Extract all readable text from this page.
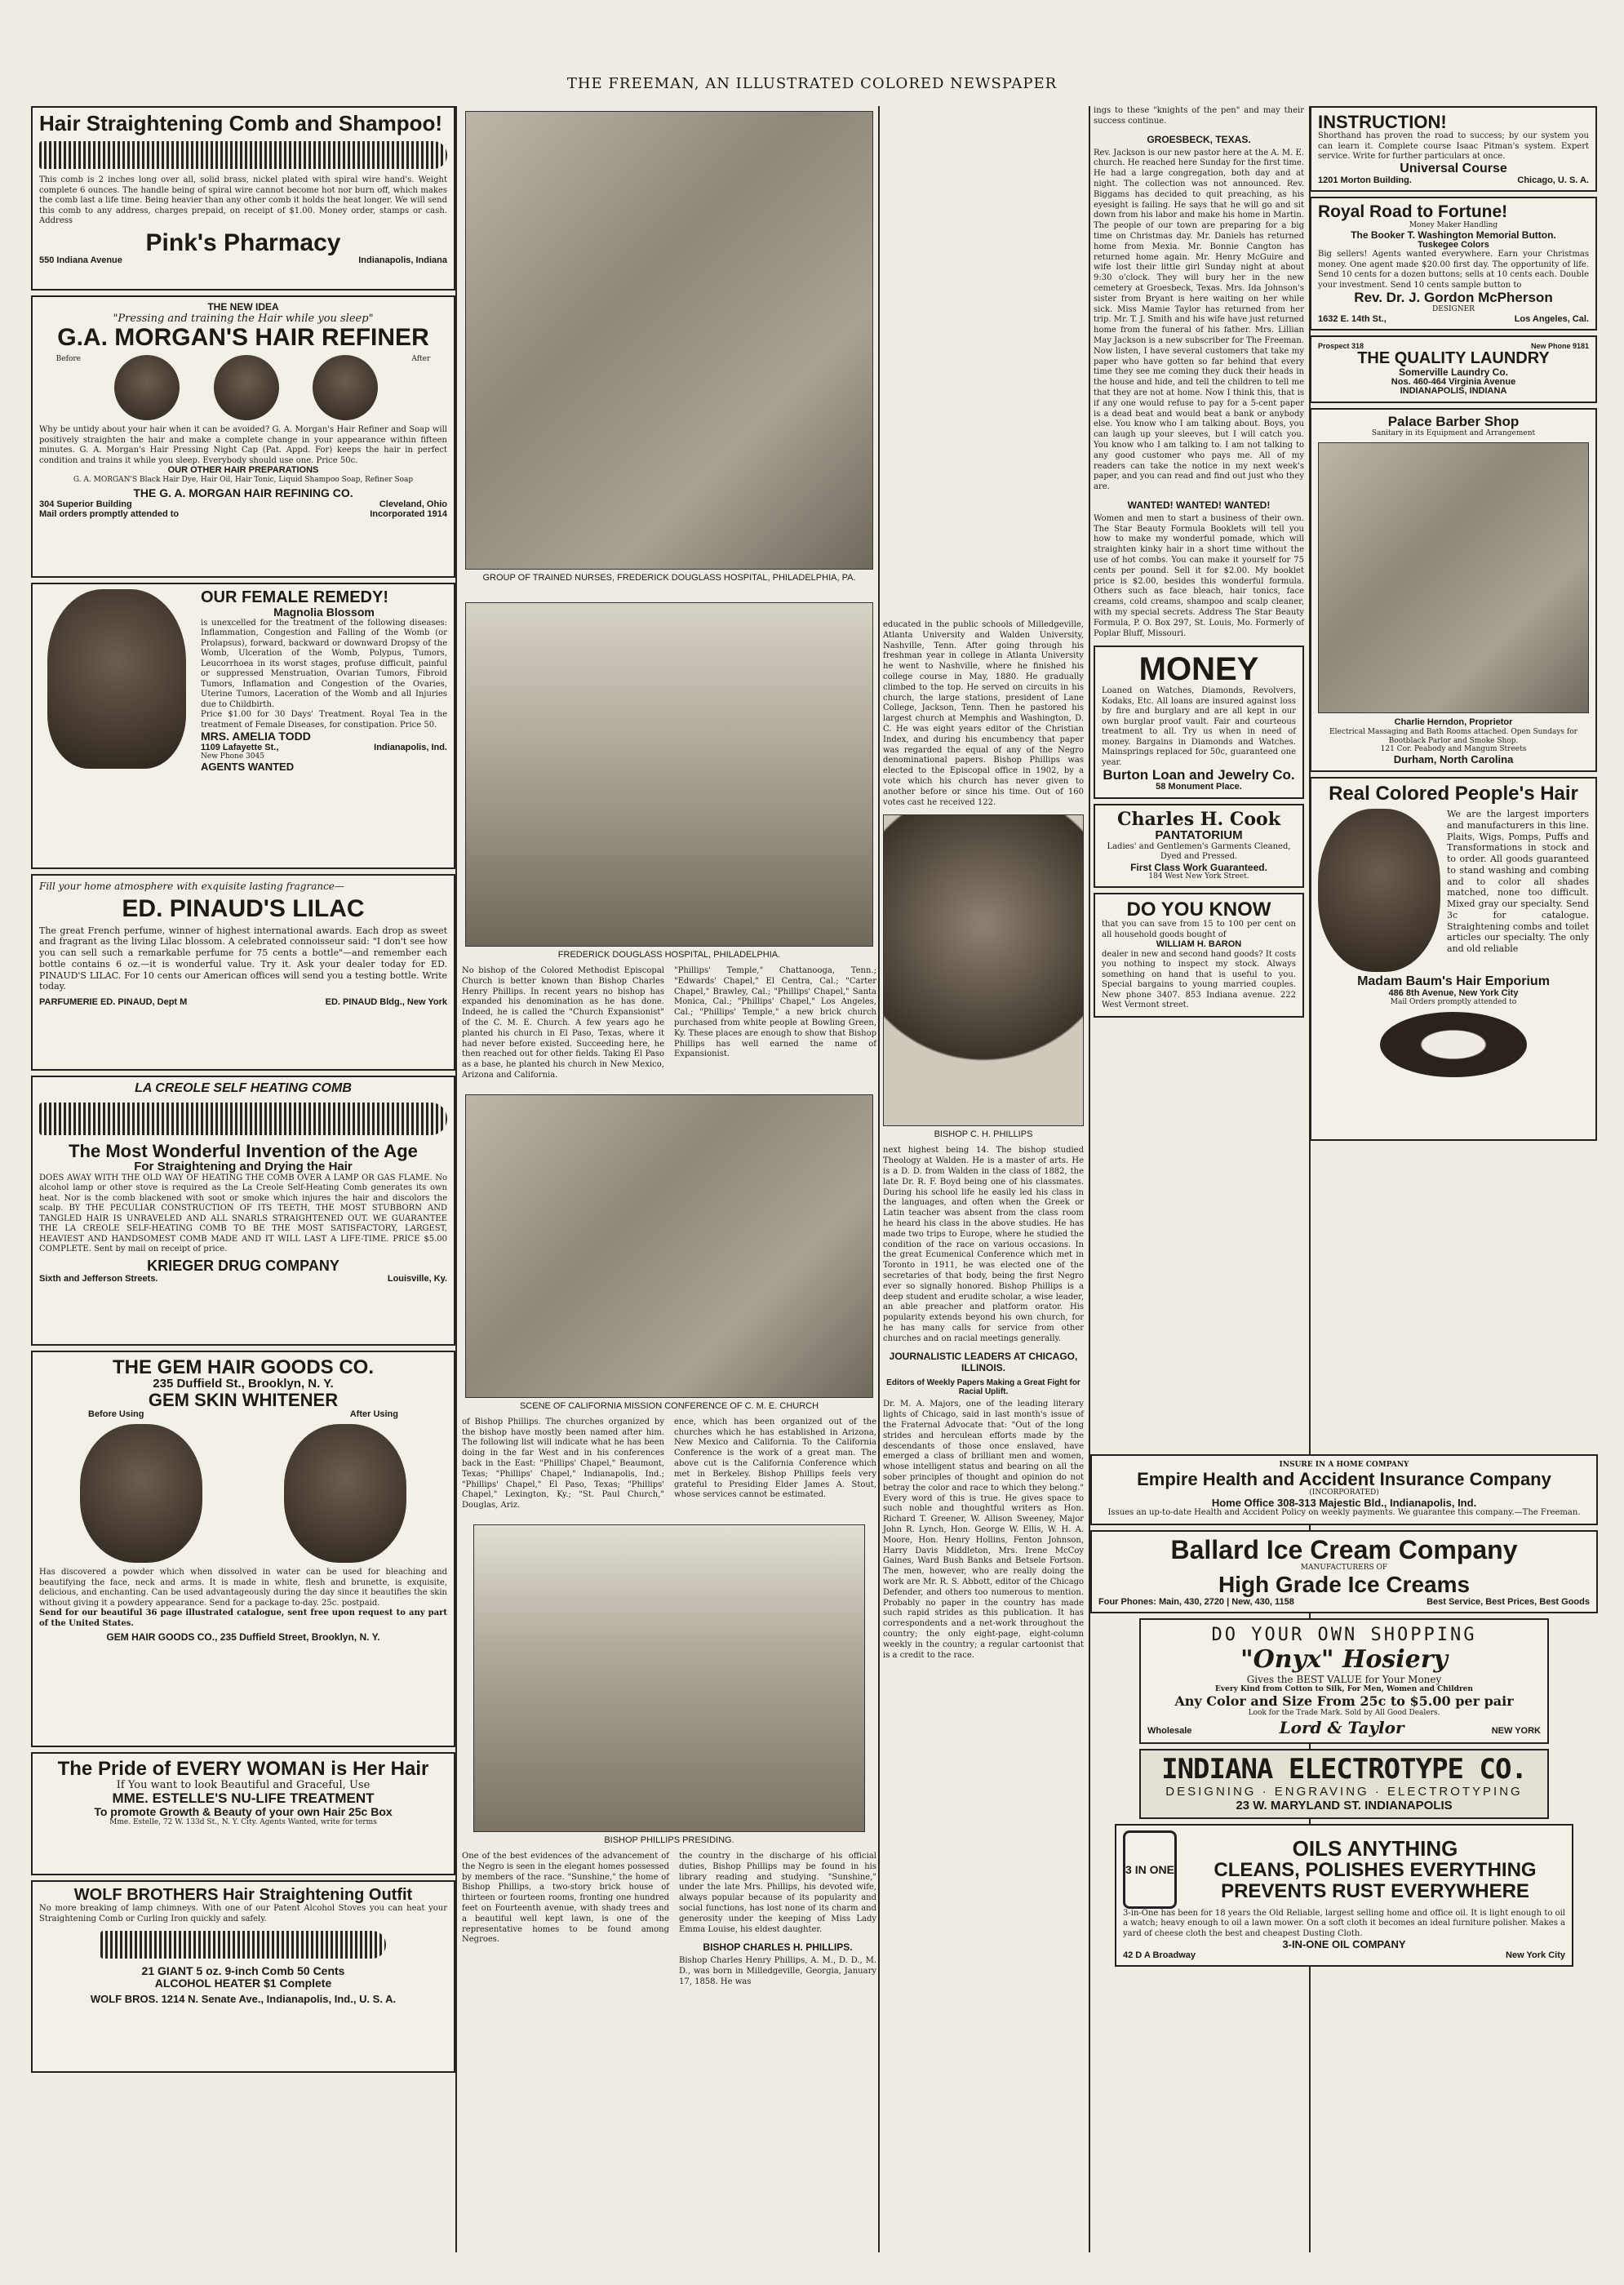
THE FREEMAN, AN ILLUSTRATED COLORED NEWSPAPER
Hair Straightening Comb and Shampoo!
This comb is 2 inches long over all, solid brass, nickel plated with spiral wire hand's. Weight complete 6 ounces. The handle being of spiral wire cannot become hot nor burn off, which makes the comb last a life time. Being heavier than any other comb it holds the heat longer. We will send this comb to any address, charges prepaid, on receipt of $1.00. Money order, stamps or cash. Address
Pink's Pharmacy
550 Indiana Avenue	Indianapolis, Indiana
THE NEW IDEA
"Pressing and training the Hair while you sleep"
G.A. MORGAN'S HAIR REFINER
Before	After
Why be untidy about your hair when it can be avoided? G. A. Morgan's Hair Refiner and Soap will positively straighten the hair and make a complete change in your appearance within fifteen minutes. G. A. Morgan's Hair Pressing Night Cap (Pat. Appd. For) keeps the hair in perfect condition and trains it while you sleep. Everybody should use one. Price 50c.
OUR OTHER HAIR PREPARATIONS
G. A. MORGAN'S Black Hair Dye, Hair Oil, Hair Tonic, Liquid Shampoo Soap, Refiner Soap
THE G. A. MORGAN HAIR REFINING CO.
304 Superior Building	Cleveland, Ohio
Mail orders promptly attended to	Incorporated 1914
OUR FEMALE REMEDY!
Magnolia Blossom
is unexcelled for the treatment of the following diseases: Inflammation, Congestion and Falling of the Womb (or Prolapsus), forward, backward or downward Dropsy of the Womb, Ulceration of the Womb, Polypus, Tumors, Leucorrhoea in its worst stages, profuse difficult, painful or suppressed Menstruation, Ovarian Tumors, Fibroid Tumors, Inflamation and Congestion of the Ovaries, Uterine Tumors, Laceration of the Womb and all Injuries due to Childbirth.
Price $1.00 for 30 Days' Treatment. Royal Tea in the treatment of Female Diseases, for constipation. Price 50.
MRS. AMELIA TODD
1109 Lafayette St.,	Indianapolis, Ind.
New Phone 3045
AGENTS WANTED
Fill your home atmosphere with exquisite lasting fragrance—
ED. PINAUD'S LILAC
The great French perfume, winner of highest international awards. Each drop as sweet and fragrant as the living Lilac blossom. A celebrated connoisseur said: "I don't see how you can sell such a remarkable perfume for 75 cents a bottle"—and remember each bottle contains 6 oz.—it is wonderful value. Try it. Ask your dealer today for ED. PINAUD'S LILAC. For 10 cents our American offices will send you a testing bottle. Write today.
PARFUMERIE ED. PINAUD, Dept M	ED. PINAUD Bldg., New York
LA CREOLE SELF HEATING COMB
The Most Wonderful Invention of the Age
For Straightening and Drying the Hair
DOES AWAY WITH THE OLD WAY OF HEATING THE COMB OVER A LAMP OR GAS FLAME. No alcohol lamp or other stove is required as the La Creole Self-Heating Comb generates its own heat. Nor is the comb blackened with soot or smoke which injures the hair and discolors the scalp. BY THE PECULIAR CONSTRUCTION OF ITS TEETH, THE MOST STUBBORN AND TANGLED HAIR IS UNRAVELED AND ALL SNARLS STRAIGHTENED OUT. WE GUARANTEE THE LA CREOLE SELF-HEATING COMB TO BE THE MOST SATISFACTORY, LARGEST, HEAVIEST AND HANDSOMEST COMB MADE AND IT WILL LAST A LIFE-TIME. PRICE $5.00 COMPLETE. Sent by mail on receipt of price.
KRIEGER DRUG COMPANY
Sixth and Jefferson Streets.	Louisville, Ky.
THE GEM HAIR GOODS CO.
235 Duffield St., Brooklyn, N. Y.
GEM SKIN WHITENER
Before Using	After Using
Has discovered a powder which when dissolved in water can be used for bleaching and beautifying the face, neck and arms. It is made in white, flesh and brunette, is exquisite, delicious, and enchanting. Can be used advantageously during the day since it beautifies the skin without giving it a powdery appearance. Send for a package to-day. 25c. postpaid.
Send for our beautiful 36 page illustrated catalogue, sent free upon request to any part of the United States.
GEM HAIR GOODS CO., 235 Duffield Street, Brooklyn, N. Y.
The Pride of EVERY WOMAN is Her Hair
If You want to look Beautiful and Graceful, Use
MME. ESTELLE'S NU-LIFE TREATMENT
To promote Growth & Beauty of your own Hair 25c Box
Mme. Estelle, 72 W. 133d St., N. Y. City. Agents Wanted, write for terms
WOLF BROTHERS Hair Straightening Outfit
No more breaking of lamp chimneys. With one of our Patent Alcohol Stoves you can heat your Straightening Comb or Curling Iron quickly and safely.
21 GIANT 5 oz. 9-inch Comb 50 Cents
ALCOHOL HEATER $1 Complete
WOLF BROS. 1214 N. Senate Ave., Indianapolis, Ind., U. S. A.
GROUP OF TRAINED NURSES, FREDERICK DOUGLASS HOSPITAL, PHILADELPHIA, PA.
FREDERICK DOUGLASS HOSPITAL, PHILADELPHIA.
No bishop of the Colored Methodist Episcopal Church is better known than Bishop Charles Henry Phillips. In recent years no bishop has expanded his denomination as he has done. Indeed, he is called the "Church Expansionist" of the C. M. E. Church. A few years ago he planted his church in El Paso, Texas, where it had never before existed. Succeeding here, he then reached out for other fields. Taking El Paso as a base, he planted his church in New Mexico, Arizona and California.
"Phillips' Temple," Chattanooga, Tenn.; "Edwards' Chapel," El Centra, Cal.; "Carter Chapel," Brawley, Cal.; "Phillips' Chapel," Santa Monica, Cal.; "Phillips' Chapel," Los Angeles, Cal.; "Phillips' Temple," a new brick church purchased from white people at Bowling Green, Ky. These places are enough to show that Bishop Phillips has well earned the name of Expansionist.
SCENE OF CALIFORNIA MISSION CONFERENCE OF C. M. E. CHURCH
of Bishop Phillips. The churches organized by the bishop have mostly been named after him. The following list will indicate what he has been doing in the far West and in his conferences back in the East: "Phillips' Chapel," Beaumont, Texas; "Phillips' Chapel," Indianapolis, Ind.; "Phillips' Chapel," El Paso, Texas; "Phillips' Chapel," Lexington, Ky.; "St. Paul Church," Douglas, Ariz.
ence, which has been organized out of the churches which he has established in Arizona, New Mexico and California. To the California Conference is the work of a great man. The above cut is the California Conference which met in Berkeley. Bishop Phillips feels very grateful to Presiding Elder James A. Stout, whose services cannot be estimated.
BISHOP PHILLIPS PRESIDING.
One of the best evidences of the advancement of the Negro is seen in the elegant homes possessed by members of the race. "Sunshine," the home of Bishop Phillips, a two-story brick house of thirteen or fourteen rooms, fronting one hundred feet on Fourteenth avenue, with shady trees and a beautiful well kept lawn, is one of the representative homes to be found among Negroes.
the country in the discharge of his official duties, Bishop Phillips may be found in his library reading and studying. "Sunshine," under the late Mrs. Phillips, his devoted wife, always popular because of its popularity and social functions, has lost none of its charm and generosity under the keeping of Miss Lady Emma Louise, his eldest daughter.
BISHOP CHARLES H. PHILLIPS.
Bishop Charles Henry Phillips, A. M., D. D., M. D., was born in Milledgeville, Georgia, January 17, 1858. He was
educated in the public schools of Milledgeville, Atlanta University and Walden University, Nashville, Tenn. After going through his freshman year in college in Atlanta University he went to Nashville, where he finished his college course in May, 1880. He gradually climbed to the top. He served on circuits in his church, the large stations, president of Lane College, Jackson, Tenn. Then he pastored his largest church at Memphis and Washington, D. C. He was eight years editor of the Christian Index, and during his encumbency that paper was regarded the equal of any of the Negro denominational papers. Bishop Phillips was elected to the Episcopal office in 1902, by a vote which his church has never given to another before or since his time. Out of 160 votes cast he received 122.
BISHOP C. H. PHILLIPS
next highest being 14. The bishop studied Theology at Walden. He is a master of arts. He is a D. D. from Walden in the class of 1882, the late Dr. R. F. Boyd being one of his classmates. During his school life he easily led his class in the languages, and often when the Greek or Latin teacher was absent from the class room he heard his class in the above studies. He has made two trips to Europe, where he studied the condition of the race on various occasions. In the great Ecumenical Conference which met in Toronto in 1911, he was elected one of the secretaries of that body, being the first Negro ever so signally honored. Bishop Phillips is a deep student and erudite scholar, a wise leader, an able preacher and platform orator. His popularity extends beyond his own church, for he has many calls for service from other churches and on racial meetings generally.
JOURNALISTIC LEADERS AT CHICAGO, ILLINOIS.
Editors of Weekly Papers Making a Great Fight for Racial Uplift.
Dr. M. A. Majors, one of the leading literary lights of Chicago, said in last month's issue of the Fraternal Advocate that: "Out of the long strides and herculean efforts made by the descendants of those once enslaved, have emerged a class of brilliant men and women, whose intelligent status and bearing on all the sober principles of thought and opinion do not betray the color and race to which they belong." Every word of this is true. He gives space to such noble and thoughtful writers as Hon. Richard T. Greener, W. Allison Sweeney, Major John R. Lynch, Hon. George W. Ellis, W. H. A. Moore, Hon. Henry Hollins, Fenton Johnson, Harry Davis Middleton, Mrs. Irene McCoy Gaines, Ward Bush Banks and Betsele Fortson. The men, however, who are really doing the work are Mr. R. S. Abbott, editor of the Chicago Defender, and others too numerous to mention. Probably no paper in the country has made such rapid strides as this publication. It has correspondents and a net-work throughout the country; the only eight-page, eight-column weekly in the country; a regular cartoonist that is a credit to the race.
ings to these "knights of the pen" and may their success continue.
GROESBECK, TEXAS.
Rev. Jackson is our new pastor here at the A. M. E. church. He reached here Sunday for the first time. He had a large congregation, both day and at night. The collection was not announced. Rev. Biggams has decided to quit preaching, as his eyesight is failing. He says that he will go and sit down from his labor and make his home in Martin. The people of our town are preparing for a big time on Christmas day. Mr. Daniels has returned home from Mexia. Mr. Bonnie Cangton has returned home again. Mr. Henry McGuire and wife lost their little girl Sunday night at about 9:30 o'clock. They will bury her in the new cemetery at Groesbeck, Texas. Mrs. Ida Johnson's sister from Bryant is here waiting on her while sick. Miss Mamie Taylor has returned from her trip. Mr. T. J. Smith and his wife have just returned home from the funeral of his father. Mrs. Lillian May Jackson is a new subscriber for The Freeman. Now listen, I have several customers that take my paper who have gotten so far behind that every time they see me coming they duck their heads in the house and hide, and tell the children to tell me that they are not at home. Now I think this, that is if any one would refuse to pay for a 5-cent paper is a dead beat and would beat a bank or anybody else. You know who I am talking about. Boys, you can laugh up your sleeves, but I will catch you. You know who I am talking to. I am not talking to any good customer who pays me. All of my readers can take the notice in my next week's paper, and you can read and find out just who they are.
WANTED! WANTED! WANTED!
Women and men to start a business of their own. The Star Beauty Formula Booklets will tell you how to make my wonderful pomade, which will straighten kinky hair in a short time without the use of hot combs. You can make it yourself for 75 cents per pound. Sell it for $2.00. My booklet price is $2.00, besides this wonderful formula. Others such as face bleach, hair tonics, face creams, cold creams, shampoo and scalp cleaner, with my special secrets. Address The Star Beauty Formula, P. O. Box 297, St. Louis, Mo. Formerly of Poplar Bluff, Missouri.
MONEY
Loaned on Watches, Diamonds, Revolvers, Kodaks, Etc. All loans are insured against loss by fire and burglary and are all kept in our own burglar proof vault. Fair and courteous treatment to all. Try us when in need of money. Bargains in Diamonds and Watches. Mainsprings replaced for 50c, guaranteed one year.
Burton Loan and Jewelry Co.
58 Monument Place.
Charles H. Cook
PANTATORIUM
Ladies' and Gentlemen's Garments Cleaned, Dyed and Pressed.
First Class Work Guaranteed.
184 West New York Street.
DO YOU KNOW
that you can save from 15 to 100 per cent on all household goods bought of
WILLIAM H. BARON
dealer in new and second hand goods? It costs you nothing to inspect my stock. Always something on hand that is useful to you. Special bargains to young married couples. New phone 3407. 853 Indiana avenue. 222 West Vermont street.
INSTRUCTION!
Shorthand has proven the road to success; by our system you can learn it. Complete course Isaac Pitman's system. Expert service. Write for further particulars at once.
Universal Course
1201 Morton Building.	Chicago, U. S. A.
Royal Road to Fortune!
Money Maker Handling
The Booker T. Washington Memorial Button.
Tuskegee Colors
Big sellers! Agents wanted everywhere. Earn your Christmas money. One agent made $20.00 first day. The opportunity of life. Send 10 cents for a dozen buttons; sells at 10 cents each. Double your investment. Send 10 cents sample button to
Rev. Dr. J. Gordon McPherson
DESIGNER
1632 E. 14th St.,	Los Angeles, Cal.
Prospect 318	New Phone 9181
THE QUALITY LAUNDRY
Somerville Laundry Co.
Nos. 460-464 Virginia Avenue
INDIANAPOLIS, INDIANA
Palace Barber Shop
Sanitary in its Equipment and Arrangement
Charlie Herndon, Proprietor
Electrical Massaging and Bath Rooms attached. Open Sundays for Bootblack Parlor and Smoke Shop.
121 Cor. Peabody and Mangum Streets
Durham, North Carolina
Real Colored People's Hair
We are the largest importers and manufacturers in this line. Plaits, Wigs, Pomps, Puffs and Transformations in stock and to order. All goods guaranteed to stand washing and combing and to color all shades matched, none too difficult. Mixed gray our specialty. Send 3c for catalogue. Straightening combs and toilet articles our specialty. The only and old reliable
Madam Baum's Hair Emporium
486 8th Avenue, New York City
Mail Orders promptly attended to
INSURE IN A HOME COMPANY
Empire Health and Accident Insurance Company
(INCORPORATED)
Home Office 308-313 Majestic Bld., Indianapolis, Ind.
Issues an up-to-date Health and Accident Policy on weekly payments. We guarantee this company.—The Freeman.
Ballard Ice Cream Company
MANUFACTURERS OF
High Grade Ice Creams
Four Phones: Main, 430, 2720 | New, 430, 1158	Best Service, Best Prices, Best Goods
DO YOUR OWN SHOPPING
"Onyx" Hosiery
Gives the BEST VALUE for Your Money
Every Kind from Cotton to Silk, For Men, Women and Children
Any Color and Size From 25c to $5.00 per pair
Look for the Trade Mark. Sold by All Good Dealers.
Wholesale	Lord & Taylor	NEW YORK
INDIANA ELECTROTYPE CO.
DESIGNING · ENGRAVING · ELECTROTYPING
23 W. MARYLAND ST. INDIANAPOLIS
3 IN ONE
OILS ANYTHING
CLEANS, POLISHES EVERYTHING
PREVENTS RUST EVERYWHERE
3-in-One has been for 18 years the Old Reliable, largest selling home and office oil. It is light enough to oil a watch; heavy enough to oil a lawn mower. On a soft cloth it becomes an ideal furniture polisher. Makes a yard of cheese cloth the best and cheapest Dusting Cloth.
3-IN-ONE OIL COMPANY
42 D A Broadway	New York City
